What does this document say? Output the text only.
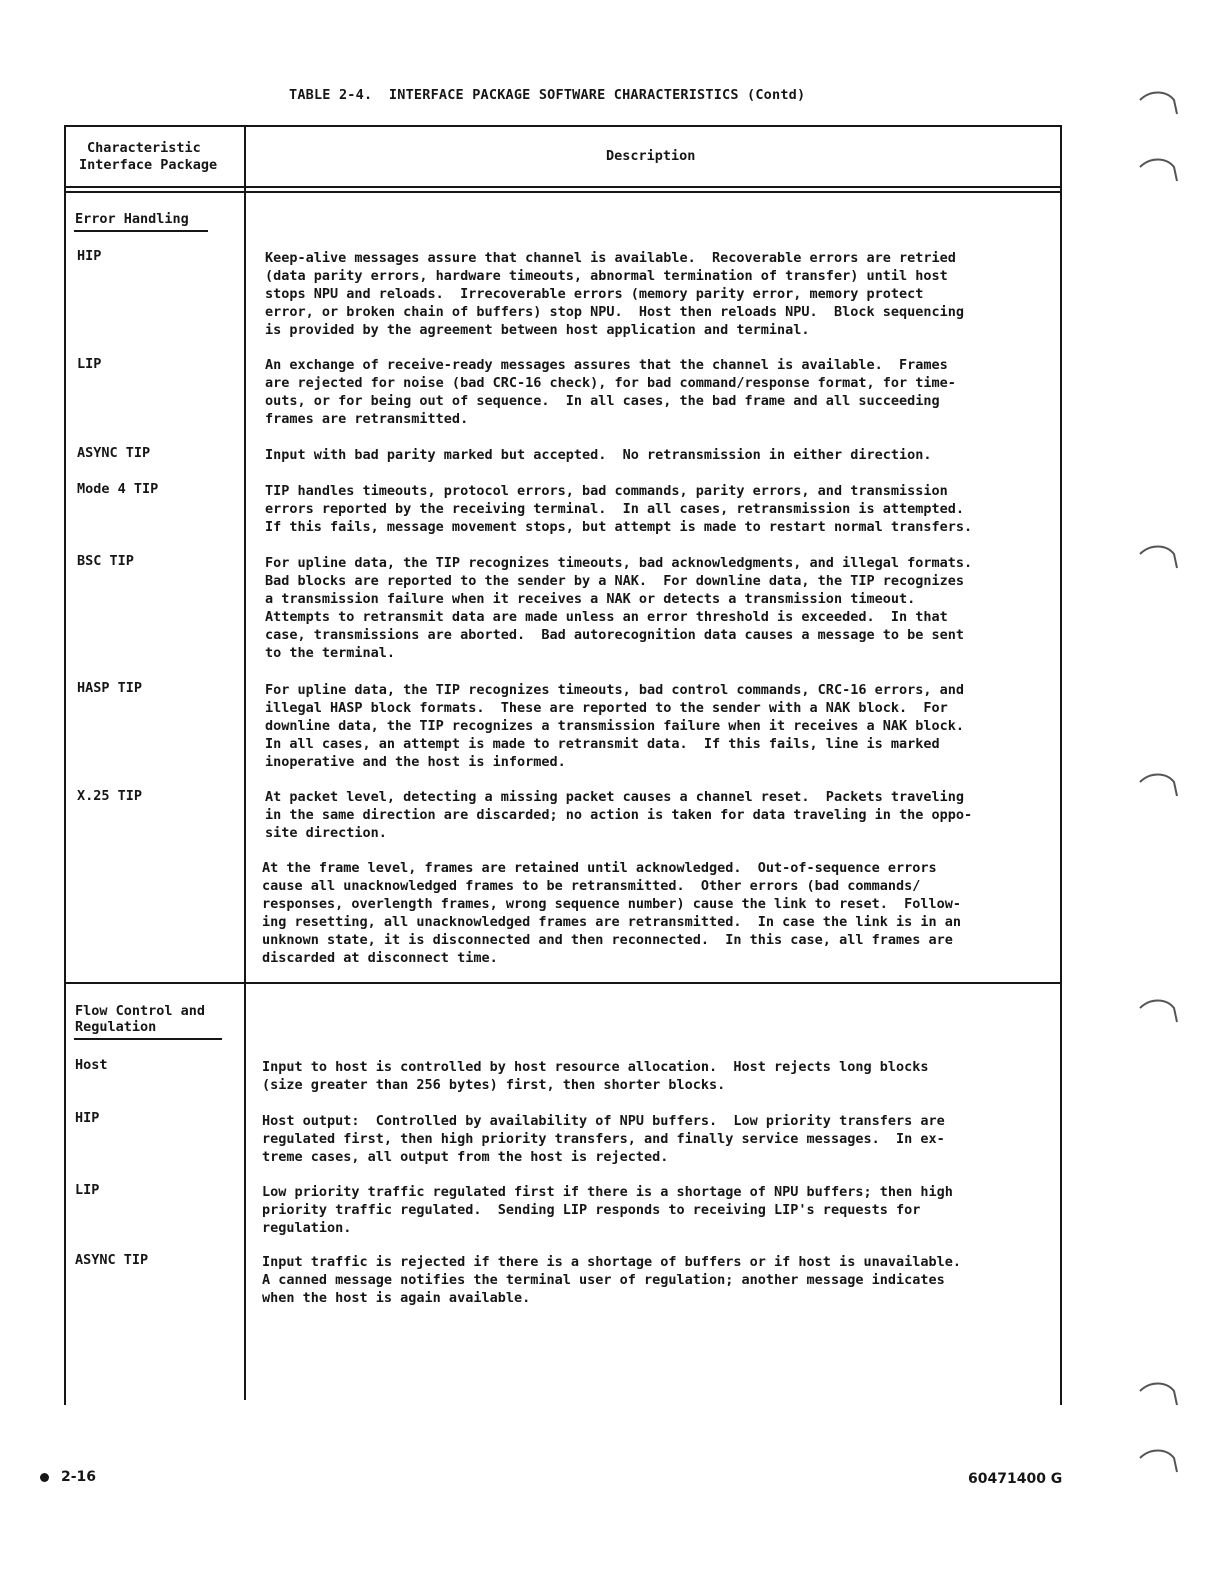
TABLE 2-4.  INTERFACE PACKAGE SOFTWARE CHARACTERISTICS (Contd)
Characteristic
Interface Package
Description
Error Handling
HIP	Keep-alive messages assure that channel is available.  Recoverable errors are retried
(data parity errors, hardware timeouts, abnormal termination of transfer) until host
stops NPU and reloads.  Irrecoverable errors (memory parity error, memory protect
error, or broken chain of buffers) stop NPU.  Host then reloads NPU.  Block sequencing
is provided by the agreement between host application and terminal.
LIP	An exchange of receive-ready messages assures that the channel is available.  Frames
are rejected for noise (bad CRC-16 check), for bad command/response format, for time-
outs, or for being out of sequence.  In all cases, the bad frame and all succeeding
frames are retransmitted.
ASYNC TIP	Input with bad parity marked but accepted.  No retransmission in either direction.
Mode 4 TIP	TIP handles timeouts, protocol errors, bad commands, parity errors, and transmission
errors reported by the receiving terminal.  In all cases, retransmission is attempted.
If this fails, message movement stops, but attempt is made to restart normal transfers.
BSC TIP	For upline data, the TIP recognizes timeouts, bad acknowledgments, and illegal formats.
Bad blocks are reported to the sender by a NAK.  For downline data, the TIP recognizes
a transmission failure when it receives a NAK or detects a transmission timeout.
Attempts to retransmit data are made unless an error threshold is exceeded.  In that
case, transmissions are aborted.  Bad autorecognition data causes a message to be sent
to the terminal.
HASP TIP	For upline data, the TIP recognizes timeouts, bad control commands, CRC-16 errors, and
illegal HASP block formats.  These are reported to the sender with a NAK block.  For
downline data, the TIP recognizes a transmission failure when it receives a NAK block.
In all cases, an attempt is made to retransmit data.  If this fails, line is marked
inoperative and the host is informed.
X.25 TIP	At packet level, detecting a missing packet causes a channel reset.  Packets traveling
in the same direction are discarded; no action is taken for data traveling in the oppo-
site direction.
At the frame level, frames are retained until acknowledged.  Out-of-sequence errors
cause all unacknowledged frames to be retransmitted.  Other errors (bad commands/
responses, overlength frames, wrong sequence number) cause the link to reset.  Follow-
ing resetting, all unacknowledged frames are retransmitted.  In case the link is in an
unknown state, it is disconnected and then reconnected.  In this case, all frames are
discarded at disconnect time.
Flow Control and
Regulation
Host	Input to host is controlled by host resource allocation.  Host rejects long blocks
(size greater than 256 bytes) first, then shorter blocks.
HIP	Host output:  Controlled by availability of NPU buffers.  Low priority transfers are
regulated first, then high priority transfers, and finally service messages.  In ex-
treme cases, all output from the host is rejected.
LIP	Low priority traffic regulated first if there is a shortage of NPU buffers; then high
priority traffic regulated.  Sending LIP responds to receiving LIP's requests for
regulation.
ASYNC TIP	Input traffic is rejected if there is a shortage of buffers or if host is unavailable.
A canned message notifies the terminal user of regulation; another message indicates
when the host is again available.
2-16	60471400 G
